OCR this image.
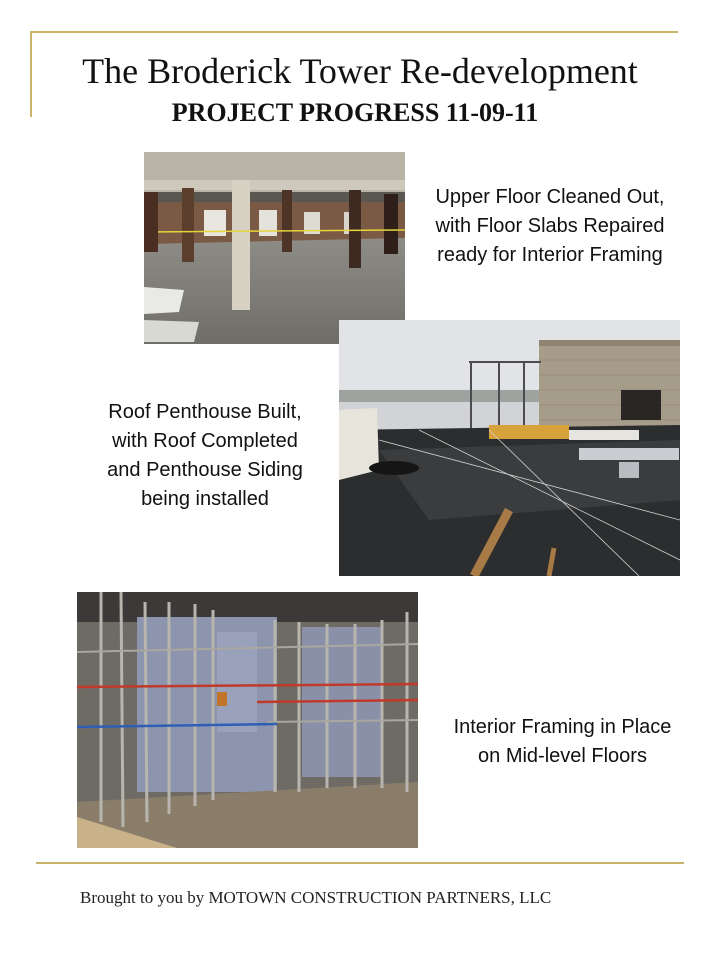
The Broderick Tower Re-development
PROJECT PROGRESS 11-09-11
Upper Floor Cleaned Out, with Floor Slabs Repaired ready for Interior Framing
Roof Penthouse Built, with Roof Completed and Penthouse Siding being installed
Interior Framing in Place on Mid-level Floors
Brought to you by MOTOWN CONSTRUCTION PARTNERS, LLC
